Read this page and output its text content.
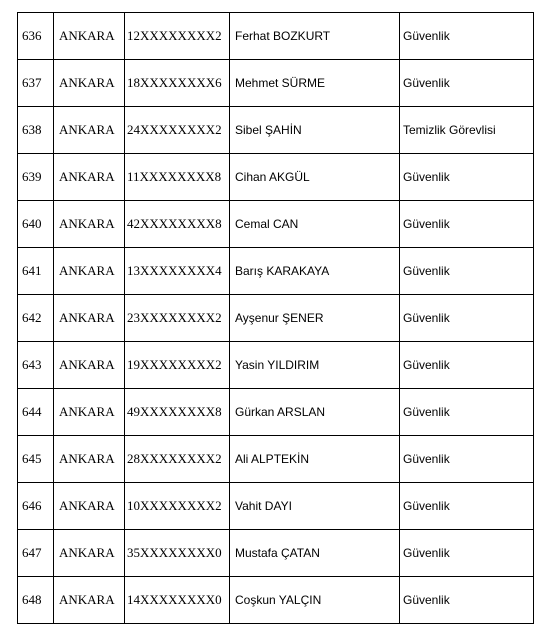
636	ANKARA	12XXXXXXXX2	Ferhat BOZKURT	Güvenlik
637	ANKARA	18XXXXXXXX6	Mehmet SÜRME	Güvenlik
638	ANKARA	24XXXXXXXX2	Sibel ŞAHİN	Temizlik Görevlisi
639	ANKARA	11XXXXXXXX8	Cihan AKGÜL	Güvenlik
640	ANKARA	42XXXXXXXX8	Cemal CAN	Güvenlik
641	ANKARA	13XXXXXXXX4	Barış KARAKAYA	Güvenlik
642	ANKARA	23XXXXXXXX2	Ayşenur ŞENER	Güvenlik
643	ANKARA	19XXXXXXXX2	Yasin YILDIRIM	Güvenlik
644	ANKARA	49XXXXXXXX8	Gürkan ARSLAN	Güvenlik
645	ANKARA	28XXXXXXXX2	Ali ALPTEKİN	Güvenlik
646	ANKARA	10XXXXXXXX2	Vahit DAYI	Güvenlik
647	ANKARA	35XXXXXXXX0	Mustafa ÇATAN	Güvenlik
648	ANKARA	14XXXXXXXX0	Coşkun YALÇIN	Güvenlik
